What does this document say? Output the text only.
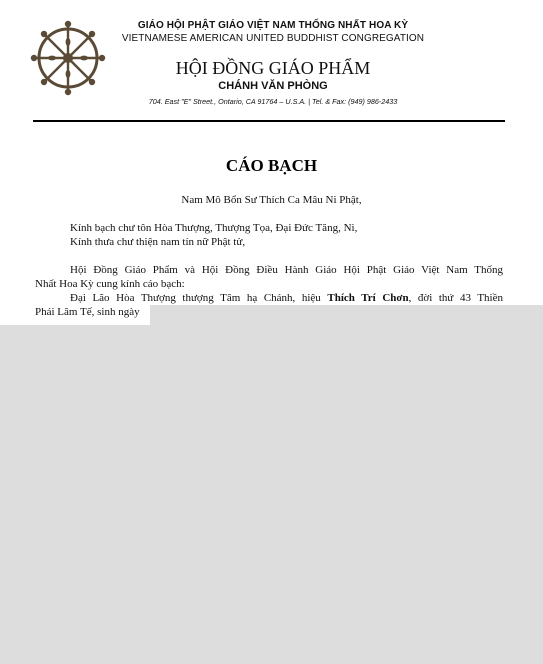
GIÁO HỘI PHẬT GIÁO VIỆT NAM THỐNG NHẤT HOA KỲ
VIETNAMESE AMERICAN UNITED BUDDHIST CONGREGATION
HỘI ĐỒNG GIÁO PHẨM
CHÁNH VĂN PHÒNG
704. East "E" Street., Ontario, CA 91764 – U.S.A. | Tel. & Fax: (949) 986-2433
CÁO BẠCH
Nam Mô Bổn Sư Thích Ca Mâu Ni Phật,
Kính bạch chư tôn Hòa Thượng, Thượng Tọa, Đại Đức Tăng, Ni,
Kính thưa chư thiện nam tín nữ Phật tử,
Hội Đồng Giáo Phẩm và Hội Đồng Điều Hành Giáo Hội Phật Giáo Việt Nam Thống
Nhất Hoa Kỳ cung kính cáo bạch:
Đại Lão Hòa Thượng thượng Tâm hạ Chánh, hiệu Thích Trí Chơn, đời thứ 43 Thiền
Phái Lâm Tế, sinh ngày
